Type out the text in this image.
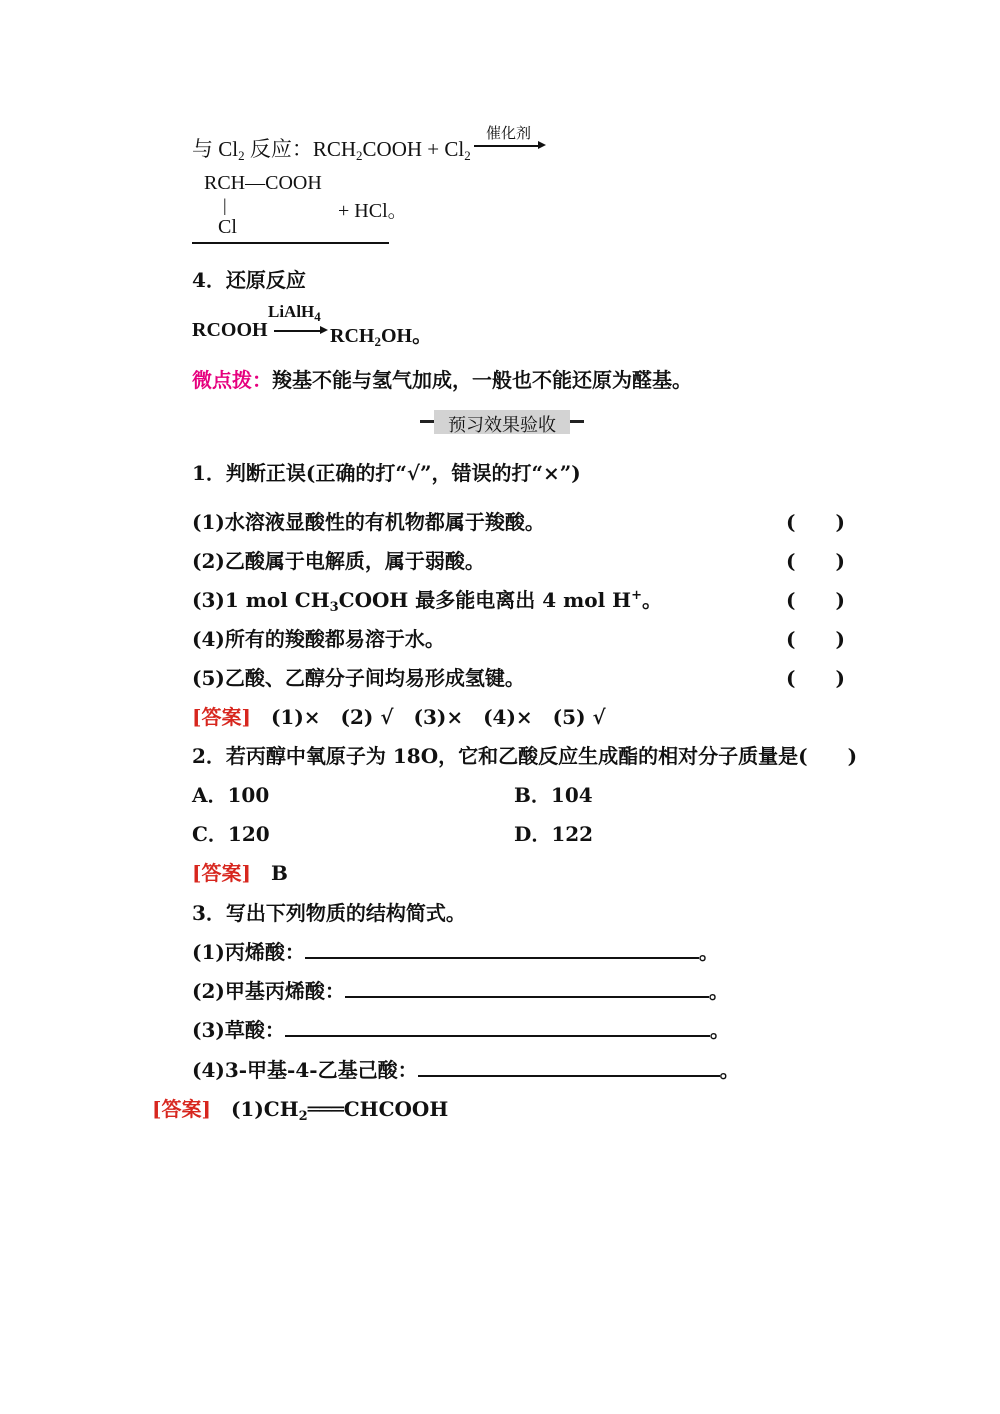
与 $Cl_2$ 反应：$RCH_2COOH + Cl_2$
催化剂
RCH—COOH
|
Cl
+ HCl。
4．还原反应
LiAlH$_4$
RCOOH	$RCH_2OH$。
微点拨：羧基不能与氢气加成，一般也不能还原为醛基。
预习效果验收
1．判断正误(正确的打“√”，错误的打“×”)
(1)水溶液显酸性的有机物都属于羧酸。	(　　)
(2)乙酸属于电解质，属于弱酸。	(　　)
(3)1 mol $CH_3COOH$ 最多能电离出 4 mol H+。	(　　)
(4)所有的羧酸都易溶于水。	(　　)
(5)乙酸、乙醇分子间均易形成氢键。	(　　)
[答案]　 (1)×　(2) √　(3)×　(4)×　(5) √
2．若丙醇中氧原子为 18O，它和乙酸反应生成酯的相对分子质量是(　　)
A．100	B．104
C．120	D．122
[答案]　 B
3．写出下列物质的结构简式。
(1)丙烯酸：	。
(2)甲基丙烯酸：	。
(3)草酸：	。
(4)3-甲基-4-乙基己酸：	。
[答案]　 $(1)CH_2═══CHCOOH$
